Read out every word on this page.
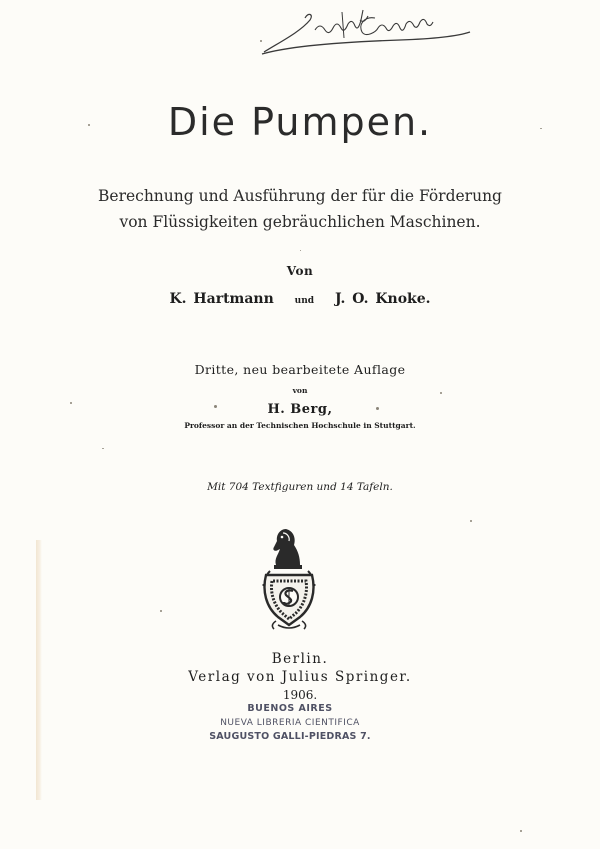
Die Pumpen.
Berechnung und Ausführung der für die Förderung
von Flüssigkeiten gebräuchlichen Maschinen.
Von
K. Hartmann und J. O. Knoke.
Dritte, neu bearbeitete Auflage
von
H. Berg,
Professor an der Technischen Hochschule in Stuttgart.
Mit 704 Textfiguren und 14 Tafeln.
Berlin.
Verlag von Julius Springer.
1906.
BUENOS AIRES
NUEVA LIBRERIA CIENTIFICA
SAUGUSTO GALLI-PIEDRAS 7.
